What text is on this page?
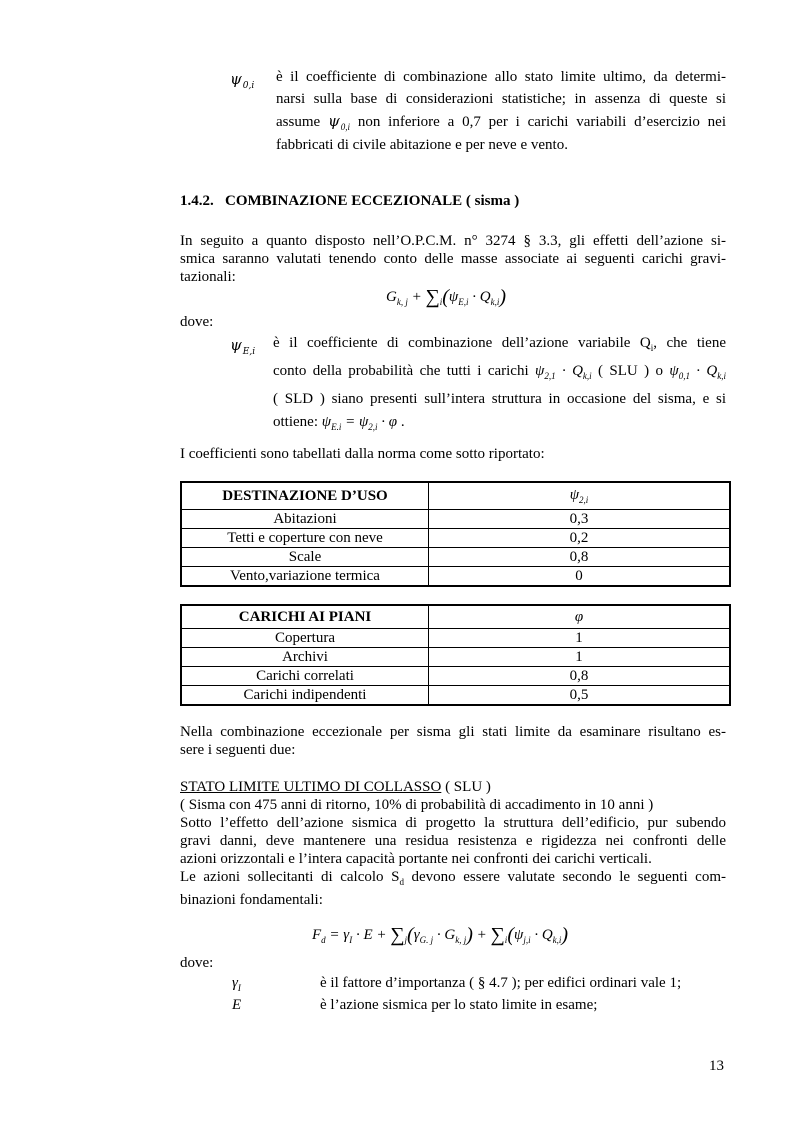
$\psi_{0,i}$
è il coefficiente di combinazione allo stato limite ultimo, da determi-
narsi sulla base di considerazioni statistiche; in assenza di queste si
assume $\psi_{0,i}$ non inferiore a 0,7 per i carichi variabili d’esercizio nei
fabbricati di civile abitazione e per neve e vento.
1.4.2. COMBINAZIONE ECCEZIONALE ( sisma )
In seguito a quanto disposto nell’O.P.C.M. n° 3274 § 3.3, gli effetti dell’azione si-
smica saranno valutati tenendo conto delle masse associate ai seguenti carichi gravi-
tazionali:
$G_{k, j} + \sum_i(\psi_{E,i} \cdot Q_{k,i})$
dove:
$\psi_{E,i}$
è il coefficiente di combinazione dell’azione variabile $Q_i$, che tiene
conto della probabilità che tutti i carichi $\psi_{2,1} \cdot Q_{k,i}$ ( SLU ) o $\psi_{0,1} \cdot Q_{k,i}$
( SLD ) siano presenti sull’intera struttura in occasione del sisma, e si
ottiene: $\psi_{E.i} = \psi_{2,i} \cdot \varphi$ .
I coefficienti sono tabellati dalla norma come sotto riportato:
DESTINAZIONE D’USO	$\psi_{2,i}$
Abitazioni	0,3
Tetti e coperture con neve	0,2
Scale	0,8
Vento,variazione termica	0
CARICHI AI PIANI	φ
Copertura	1
Archivi	1
Carichi correlati	0,8
Carichi indipendenti	0,5
Nella combinazione eccezionale per sisma gli stati limite da esaminare risultano es-
sere i seguenti due:
STATO LIMITE ULTIMO DI COLLASSO ( SLU )
( Sisma con 475 anni di ritorno, 10% di probabilità di accadimento in 10 anni )
Sotto l’effetto dell’azione sismica di progetto la struttura dell’edificio, pur subendo
gravi danni, deve mantenere una residua resistenza e rigidezza nei confronti delle
azioni orizzontali e l’intera capacità portante nei confronti dei carichi verticali.
Le azioni sollecitanti di calcolo $S_d$ devono essere valutate secondo le seguenti com-
binazioni fondamentali:
$F_d = \gamma_I \cdot E + \sum_j(\gamma_{G. j} \cdot G_{k, j}) + \sum_i(\psi_{j,i} \cdot Q_{k,i})$
dove:
$\gamma_I$	è il fattore d’importanza ( § 4.7 ); per edifici ordinari vale 1;
E	è l’azione sismica per lo stato limite in esame;
13
